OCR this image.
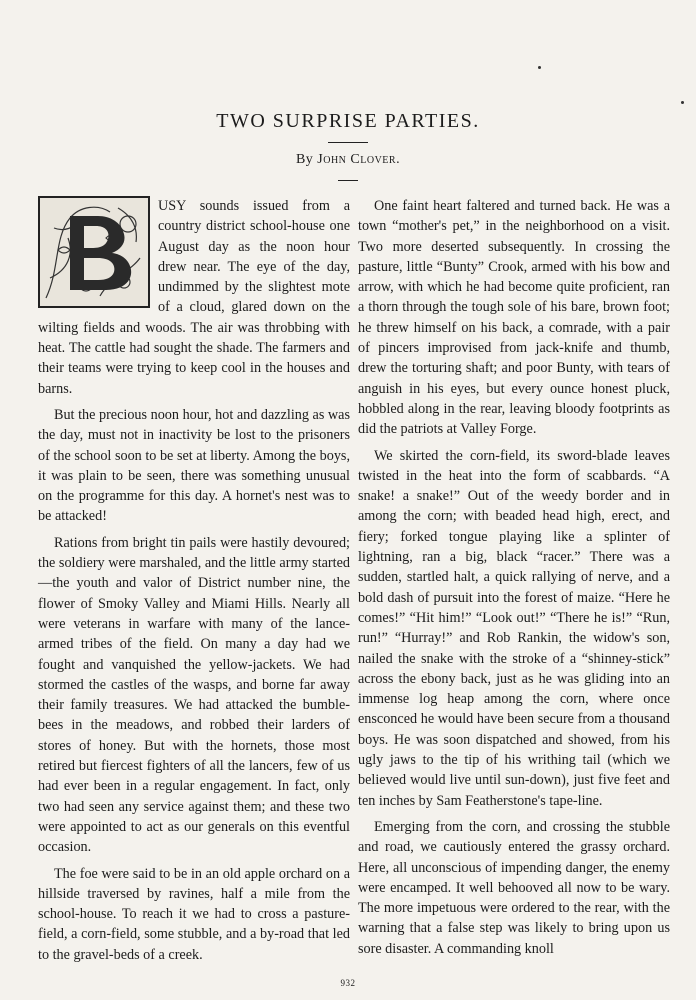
TWO SURPRISE PARTIES.
By John Clover.

USY sounds issued from a country district school-house one August day as the noon hour drew near. The eye of the day, undimmed by the slightest mote of a cloud, glared down on the wilting fields and woods. The air was throbbing with heat. The cattle had sought the shade. The farmers and their teams were trying to keep cool in the houses and barns.

But the precious noon hour, hot and dazzling as was the day, must not in inactivity be lost to the prisoners of the school soon to be set at liberty. Among the boys, it was plain to be seen, there was something unusual on the programme for this day. A hornet's nest was to be attacked!

Rations from bright tin pails were hastily devoured; the soldiery were marshaled, and the little army started—the youth and valor of District number nine, the flower of Smoky Valley and Miami Hills. Nearly all were veterans in warfare with many of the lance-armed tribes of the field. On many a day had we fought and vanquished the yellow-jackets. We had stormed the castles of the wasps, and borne far away their family treasures. We had attacked the bumble-bees in the meadows, and robbed their larders of stores of honey. But with the hornets, those most retired but fiercest fighters of all the lancers, few of us had ever been in a regular engagement. In fact, only two had seen any service against them; and these two were appointed to act as our generals on this eventful occasion.

The foe were said to be in an old apple orchard on a hillside traversed by ravines, half a mile from the school-house. To reach it we had to cross a pasture-field, a corn-field, some stubble, and a by-road that led to the gravel-beds of a creek.

One faint heart faltered and turned back. He was a town “mother's pet,” in the neighborhood on a visit. Two more deserted subsequently. In crossing the pasture, little “Bunty” Crook, armed with his bow and arrow, with which he had become quite proficient, ran a thorn through the tough sole of his bare, brown foot; he threw himself on his back, a comrade, with a pair of pincers improvised from jack-knife and thumb, drew the torturing shaft; and poor Bunty, with tears of anguish in his eyes, but every ounce honest pluck, hobbled along in the rear, leaving bloody footprints as did the patriots at Valley Forge.

We skirted the corn-field, its sword-blade leaves twisted in the heat into the form of scabbards. “A snake! a snake!” Out of the weedy border and in among the corn; with beaded head high, erect, and fiery; forked tongue playing like a splinter of lightning, ran a big, black “racer.” There was a sudden, startled halt, a quick rallying of nerve, and a bold dash of pursuit into the forest of maize. “Here he comes!” “Hit him!” “Look out!” “There he is!” “Run, run!” “Hurray!” and Rob Rankin, the widow's son, nailed the snake with the stroke of a “shinney-stick” across the ebony back, just as he was gliding into an immense log heap among the corn, where once ensconced he would have been secure from a thousand boys. He was soon dispatched and showed, from his ugly jaws to the tip of his writhing tail (which we believed would live until sun-down), just five feet and ten inches by Sam Featherstone's tape-line.

Emerging from the corn, and crossing the stubble and road, we cautiously entered the grassy orchard. Here, all unconscious of impending danger, the enemy were encamped. It well behooved all now to be wary. The more impetuous were ordered to the rear, with the warning that a false step was likely to bring upon us sore disaster. A commanding knoll

932
